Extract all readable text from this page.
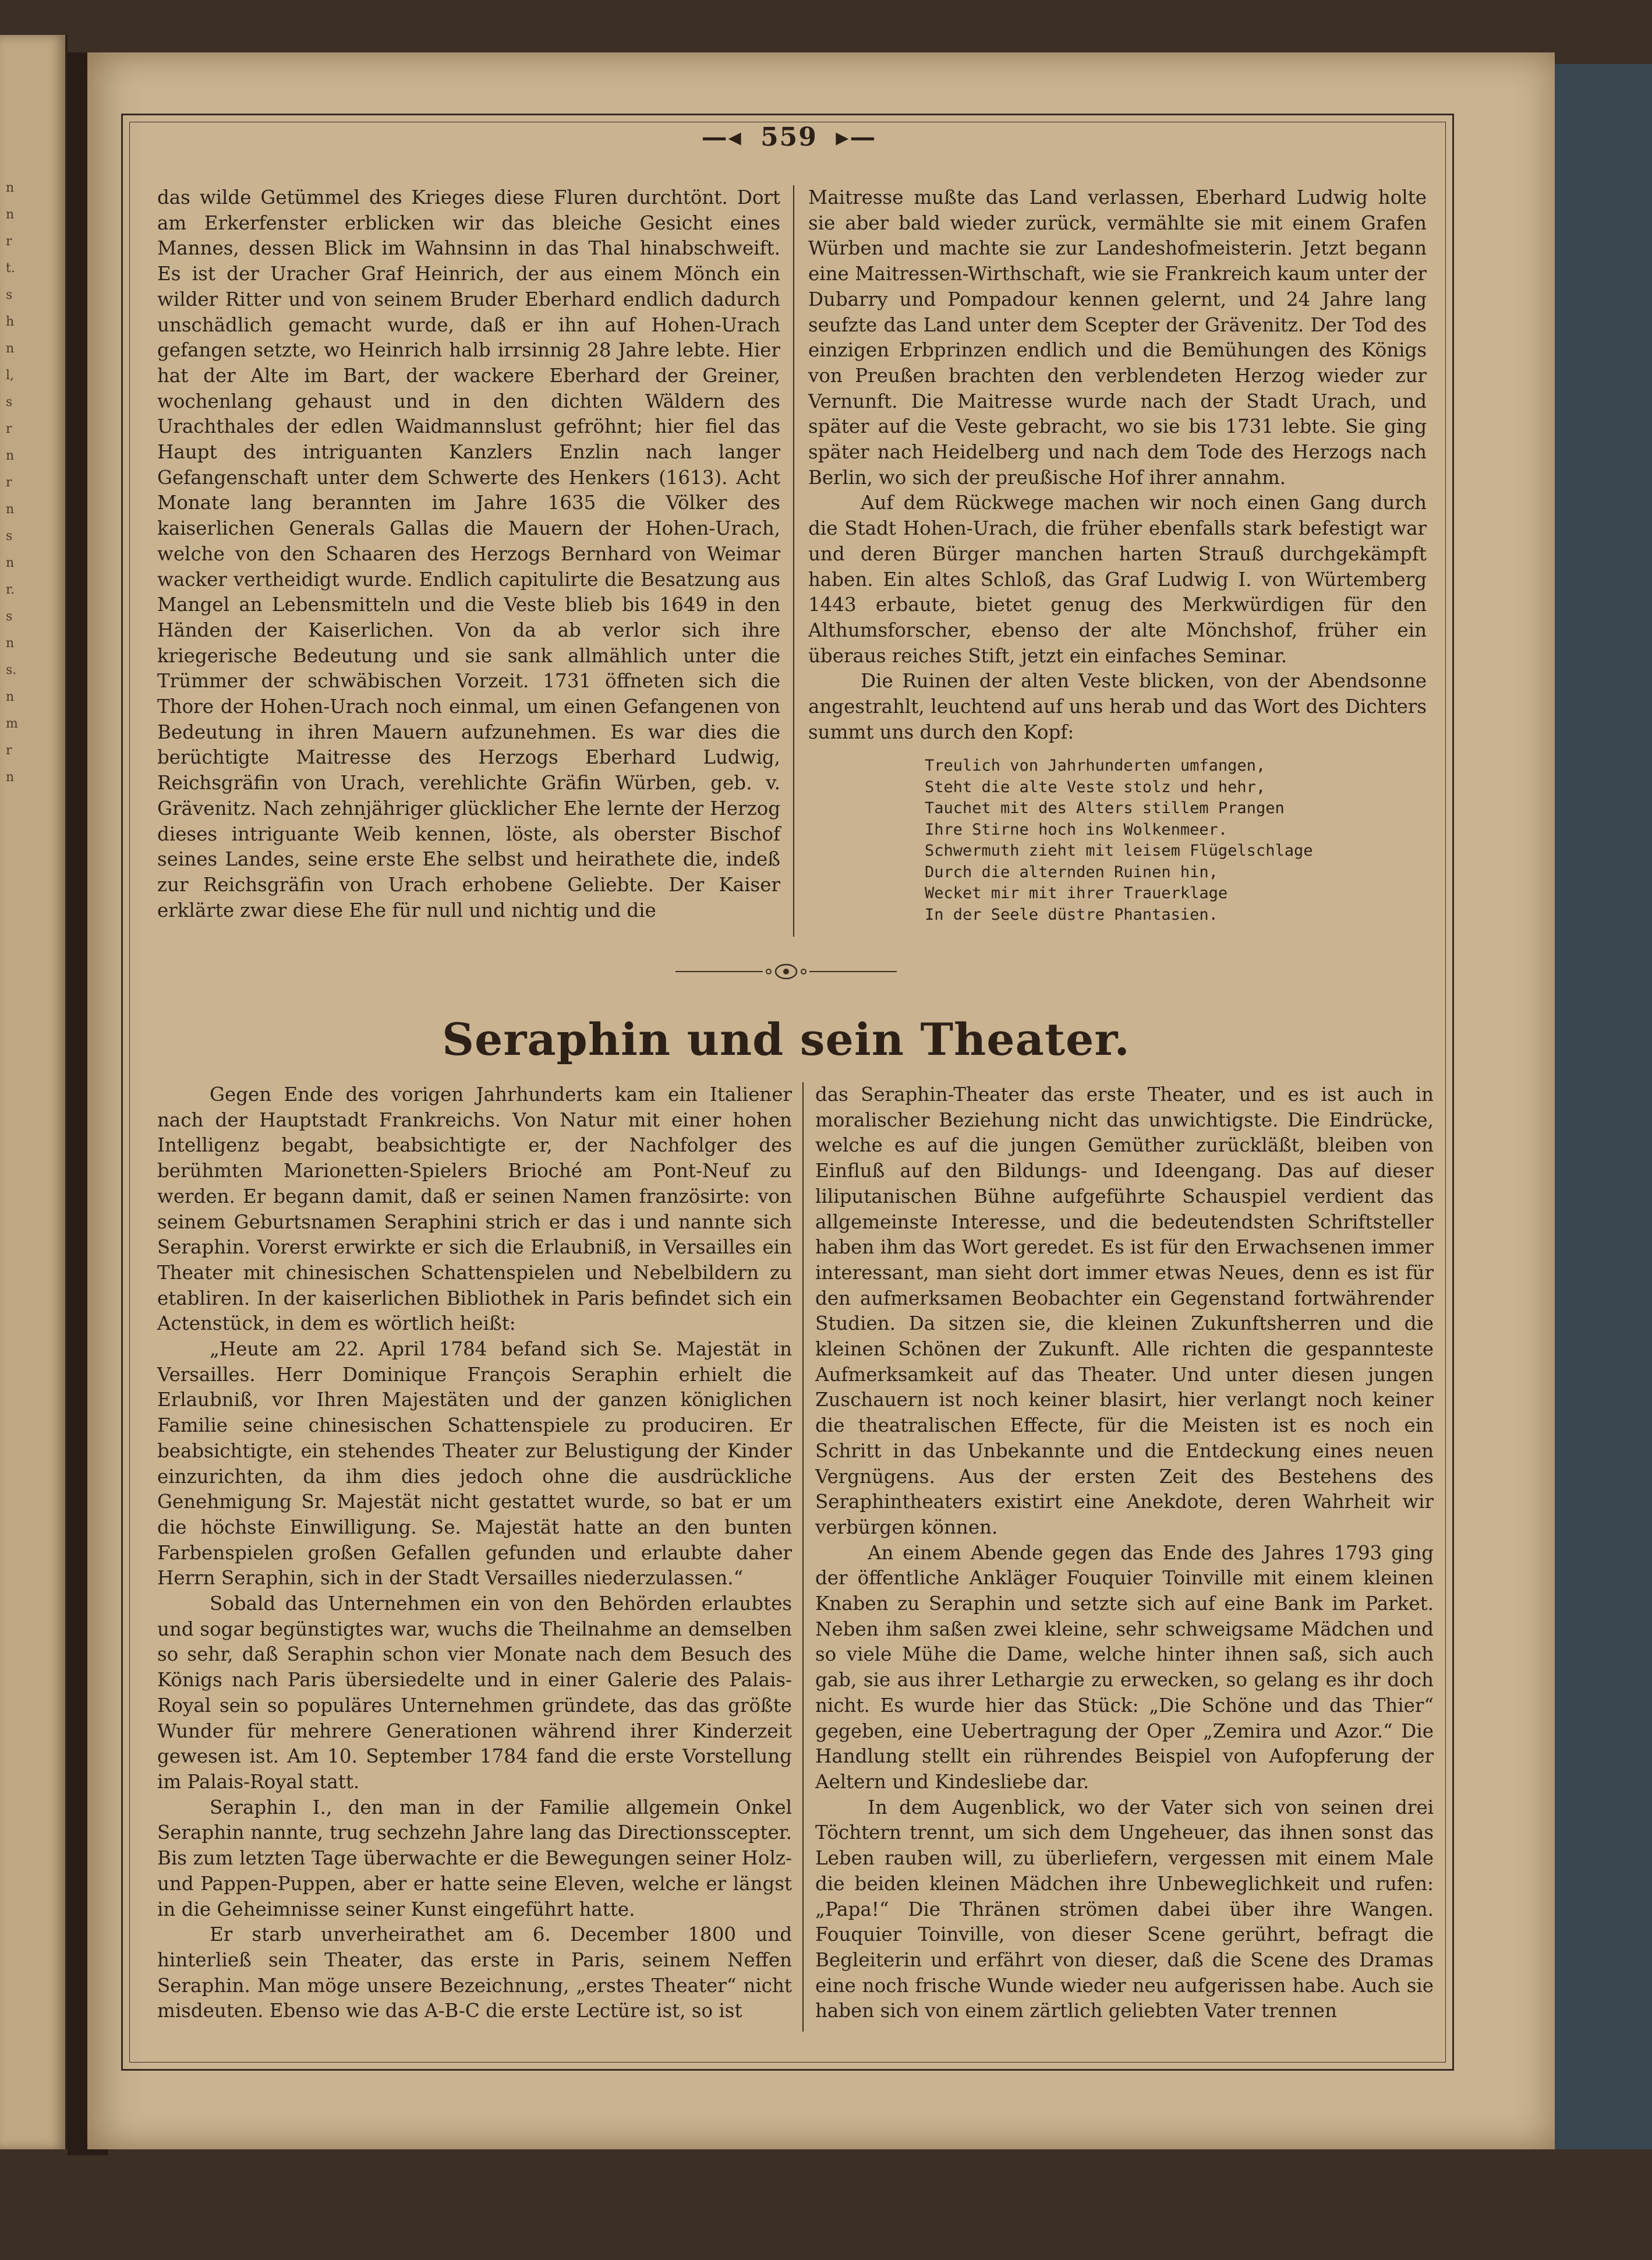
n
n
r
t.
s
h
n
l,
s
r
n
r
n
s
n
r.
s
n
s.
n
m
r
n
—◂ 559 ▸—

das wilde Getümmel des Krieges diese Fluren durchtönt. Dort am Erkerfenster erblicken wir das bleiche Gesicht eines Mannes, dessen Blick im Wahnsinn in das Thal hinabschweift. Es ist der Uracher Graf Heinrich, der aus einem Mönch ein wilder Ritter und von seinem Bruder Eberhard endlich dadurch unschädlich gemacht wurde, daß er ihn auf Hohen-Urach gefangen setzte, wo Heinrich halb irrsinnig 28 Jahre lebte. Hier hat der Alte im Bart, der wackere Eberhard der Greiner, wochenlang gehaust und in den dichten Wäldern des Urachthales der edlen Waidmannslust gefröhnt; hier fiel das Haupt des intriguanten Kanzlers Enzlin nach langer Gefangenschaft unter dem Schwerte des Henkers (1613). Acht Monate lang berannten im Jahre 1635 die Völker des kaiserlichen Generals Gallas die Mauern der Hohen-Urach, welche von den Schaaren des Herzogs Bernhard von Weimar wacker vertheidigt wurde. Endlich capitulirte die Besatzung aus Mangel an Lebensmitteln und die Veste blieb bis 1649 in den Händen der Kaiserlichen. Von da ab verlor sich ihre kriegerische Bedeutung und sie sank allmählich unter die Trümmer der schwäbischen Vorzeit. 1731 öffneten sich die Thore der Hohen-Urach noch einmal, um einen Gefangenen von Bedeutung in ihren Mauern aufzunehmen. Es war dies die berüchtigte Maitresse des Herzogs Eberhard Ludwig, Reichsgräfin von Urach, verehlichte Gräfin Würben, geb. v. Grävenitz. Nach zehnjähriger glücklicher Ehe lernte der Herzog dieses intriguante Weib kennen, löste, als oberster Bischof seines Landes, seine erste Ehe selbst und heirathete die, indeß zur Reichsgräfin von Urach erhobene Geliebte. Der Kaiser erklärte zwar diese Ehe für null und nichtig und die

Maitresse mußte das Land verlassen, Eberhard Ludwig holte sie aber bald wieder zurück, vermählte sie mit einem Grafen Würben und machte sie zur Landeshofmeisterin. Jetzt begann eine Maitressen-Wirthschaft, wie sie Frankreich kaum unter der Dubarry und Pompadour kennen gelernt, und 24 Jahre lang seufzte das Land unter dem Scepter der Grävenitz. Der Tod des einzigen Erbprinzen endlich und die Bemühungen des Königs von Preußen brachten den verblendeten Herzog wieder zur Vernunft. Die Maitresse wurde nach der Stadt Urach, und später auf die Veste gebracht, wo sie bis 1731 lebte. Sie ging später nach Heidelberg und nach dem Tode des Herzogs nach Berlin, wo sich der preußische Hof ihrer annahm.

Auf dem Rückwege machen wir noch einen Gang durch die Stadt Hohen-Urach, die früher ebenfalls stark befestigt war und deren Bürger manchen harten Strauß durchgekämpft haben. Ein altes Schloß, das Graf Ludwig I. von Würtemberg 1443 erbaute, bietet genug des Merkwürdigen für den Althumsforscher, ebenso der alte Mönchshof, früher ein überaus reiches Stift, jetzt ein einfaches Seminar.

Die Ruinen der alten Veste blicken, von der Abendsonne angestrahlt, leuchtend auf uns herab und das Wort des Dichters summt uns durch den Kopf:

Treulich von Jahrhunderten umfangen,
Steht die alte Veste stolz und hehr,
Tauchet mit des Alters stillem Prangen
Ihre Stirne hoch ins Wolkenmeer.
Schwermuth zieht mit leisem Flügelschlage
Durch die alternden Ruinen hin,
Wecket mir mit ihrer Trauerklage
In der Seele düstre Phantasien.
Seraphin und sein Theater.

Gegen Ende des vorigen Jahrhunderts kam ein Italiener nach der Hauptstadt Frankreichs. Von Natur mit einer hohen Intelligenz begabt, beabsichtigte er, der Nachfolger des berühmten Marionetten-Spielers Brioché am Pont-Neuf zu werden. Er begann damit, daß er seinen Namen französirte: von seinem Geburtsnamen Seraphini strich er das i und nannte sich Seraphin. Vorerst erwirkte er sich die Erlaubniß, in Versailles ein Theater mit chinesischen Schattenspielen und Nebelbildern zu etabliren. In der kaiserlichen Bibliothek in Paris befindet sich ein Actenstück, in dem es wörtlich heißt:

„Heute am 22. April 1784 befand sich Se. Majestät in Versailles. Herr Dominique François Seraphin erhielt die Erlaubniß, vor Ihren Majestäten und der ganzen königlichen Familie seine chinesischen Schattenspiele zu produciren. Er beabsichtigte, ein stehendes Theater zur Belustigung der Kinder einzurichten, da ihm dies jedoch ohne die ausdrückliche Genehmigung Sr. Majestät nicht gestattet wurde, so bat er um die höchste Einwilligung. Se. Majestät hatte an den bunten Farbenspielen großen Gefallen gefunden und erlaubte daher Herrn Seraphin, sich in der Stadt Versailles niederzulassen.“

Sobald das Unternehmen ein von den Behörden erlaubtes und sogar begünstigtes war, wuchs die Theilnahme an demselben so sehr, daß Seraphin schon vier Monate nach dem Besuch des Königs nach Paris übersiedelte und in einer Galerie des Palais-Royal sein so populäres Unternehmen gründete, das das größte Wunder für mehrere Generationen während ihrer Kinderzeit gewesen ist. Am 10. September 1784 fand die erste Vorstellung im Palais-Royal statt.

Seraphin I., den man in der Familie allgemein Onkel Seraphin nannte, trug sechzehn Jahre lang das Directionsscepter. Bis zum letzten Tage überwachte er die Bewegungen seiner Holz- und Pappen-Puppen, aber er hatte seine Eleven, welche er längst in die Geheimnisse seiner Kunst eingeführt hatte.

Er starb unverheirathet am 6. December 1800 und hinterließ sein Theater, das erste in Paris, seinem Neffen Seraphin. Man möge unsere Bezeichnung, „erstes Theater“ nicht misdeuten. Ebenso wie das A-B-C die erste Lectüre ist, so ist

das Seraphin-Theater das erste Theater, und es ist auch in moralischer Beziehung nicht das unwichtigste. Die Eindrücke, welche es auf die jungen Gemüther zurückläßt, bleiben von Einfluß auf den Bildungs- und Ideengang. Das auf dieser liliputanischen Bühne aufgeführte Schauspiel verdient das allgemeinste Interesse, und die bedeutendsten Schriftsteller haben ihm das Wort geredet. Es ist für den Erwachsenen immer interessant, man sieht dort immer etwas Neues, denn es ist für den aufmerksamen Beobachter ein Gegenstand fortwährender Studien. Da sitzen sie, die kleinen Zukunftsherren und die kleinen Schönen der Zukunft. Alle richten die gespannteste Aufmerksamkeit auf das Theater. Und unter diesen jungen Zuschauern ist noch keiner blasirt, hier verlangt noch keiner die theatralischen Effecte, für die Meisten ist es noch ein Schritt in das Unbekannte und die Entdeckung eines neuen Vergnügens. Aus der ersten Zeit des Bestehens des Seraphintheaters existirt eine Anekdote, deren Wahrheit wir verbürgen können.

An einem Abende gegen das Ende des Jahres 1793 ging der öffentliche Ankläger Fouquier Toinville mit einem kleinen Knaben zu Seraphin und setzte sich auf eine Bank im Parket. Neben ihm saßen zwei kleine, sehr schweigsame Mädchen und so viele Mühe die Dame, welche hinter ihnen saß, sich auch gab, sie aus ihrer Lethargie zu erwecken, so gelang es ihr doch nicht. Es wurde hier das Stück: „Die Schöne und das Thier“ gegeben, eine Uebertragung der Oper „Zemira und Azor.“ Die Handlung stellt ein rührendes Beispiel von Aufopferung der Aeltern und Kindesliebe dar.

In dem Augenblick, wo der Vater sich von seinen drei Töchtern trennt, um sich dem Ungeheuer, das ihnen sonst das Leben rauben will, zu überliefern, vergessen mit einem Male die beiden kleinen Mädchen ihre Unbeweglichkeit und rufen: „Papa!“ Die Thränen strömen dabei über ihre Wangen. Fouquier Toinville, von dieser Scene gerührt, befragt die Begleiterin und erfährt von dieser, daß die Scene des Dramas eine noch frische Wunde wieder neu aufgerissen habe. Auch sie haben sich von einem zärtlich geliebten Vater trennen
